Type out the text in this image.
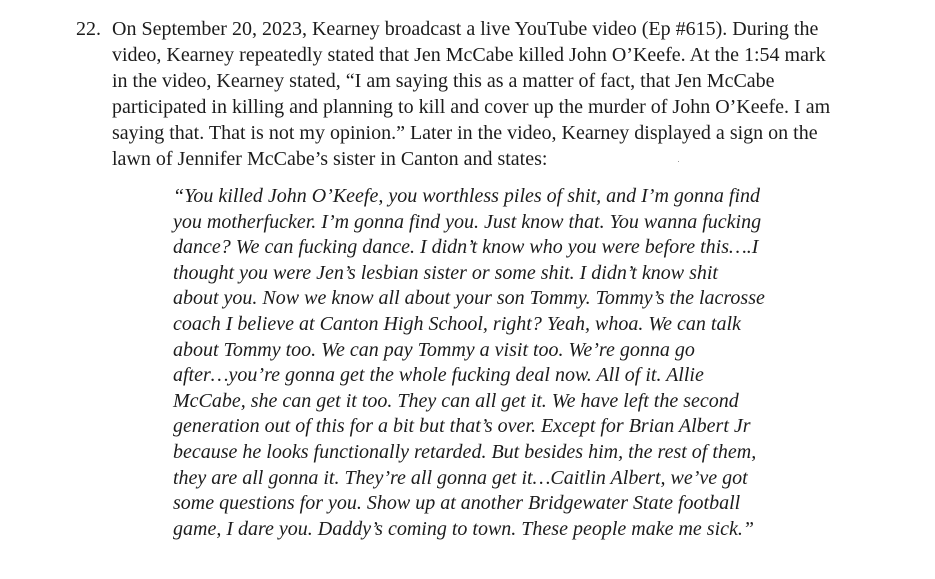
22. On September 20, 2023, Kearney broadcast a live YouTube video (Ep #615). During the
video, Kearney repeatedly stated that Jen McCabe killed John O’Keefe. At the 1:54 mark
in the video, Kearney stated, “I am saying this as a matter of fact, that Jen McCabe
participated in killing and planning to kill and cover up the murder of John O’Keefe. I am
saying that. That is not my opinion.” Later in the video, Kearney displayed a sign on the
lawn of Jennifer McCabe’s sister in Canton and states:
“You killed John O’Keefe, you worthless piles of shit, and I’m gonna find
you motherfucker. I’m gonna find you. Just know that. You wanna fucking
dance? We can fucking dance. I didn’t know who you were before this….I
thought you were Jen’s lesbian sister or some shit. I didn’t know shit
about you. Now we know all about your son Tommy. Tommy’s the lacrosse
coach I believe at Canton High School, right? Yeah, whoa. We can talk
about Tommy too. We can pay Tommy a visit too. We’re gonna go
after…you’re gonna get the whole fucking deal now. All of it. Allie
McCabe, she can get it too. They can all get it. We have left the second
generation out of this for a bit but that’s over. Except for Brian Albert Jr
because he looks functionally retarded. But besides him, the rest of them,
they are all gonna it. They’re all gonna get it…Caitlin Albert, we’ve got
some questions for you. Show up at another Bridgewater State football
game, I dare you. Daddy’s coming to town. These people make me sick.”
